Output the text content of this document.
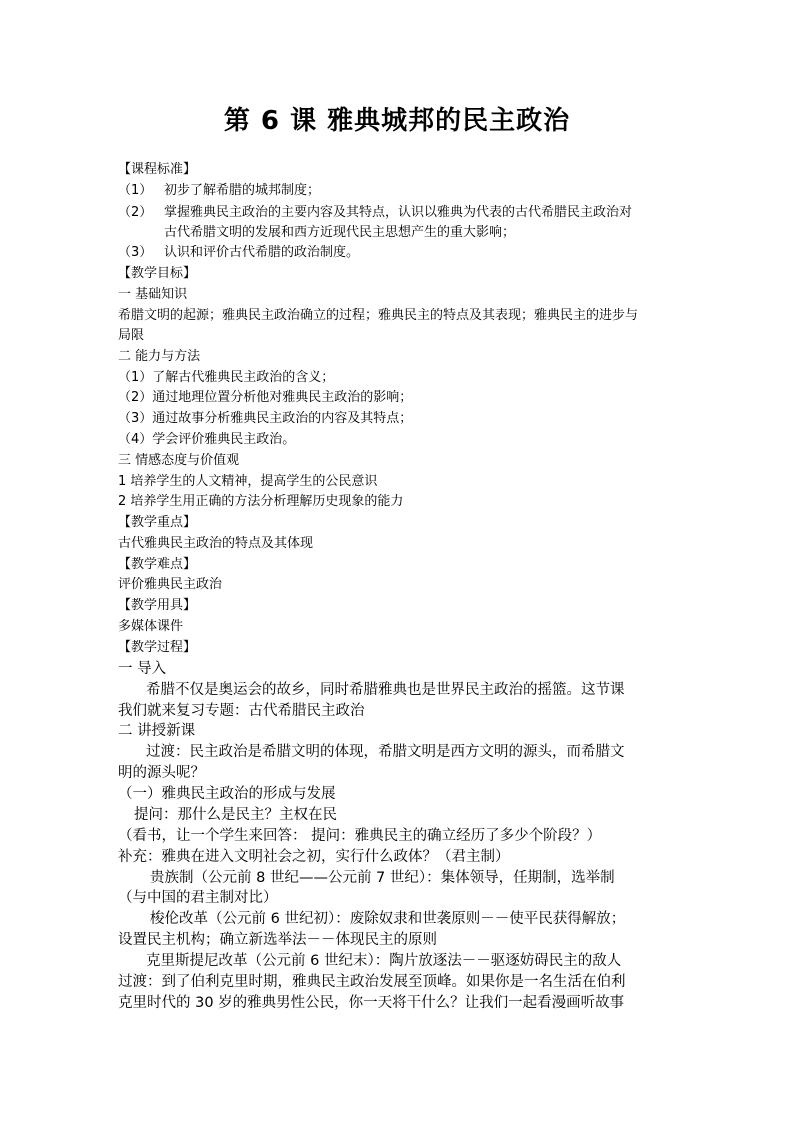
第 6 课 雅典城邦的民主政治
【课程标准】
（1） 初步了解希腊的城邦制度；
（2） 掌握雅典民主政治的主要内容及其特点，认识以雅典为代表的古代希腊民主政治对
古代希腊文明的发展和西方近现代民主思想产生的重大影响；
（3） 认识和评价古代希腊的政治制度。
【教学目标】
一 基础知识
希腊文明的起源；雅典民主政治确立的过程；雅典民主的特点及其表现；雅典民主的进步与
局限
二 能力与方法
（1）了解古代雅典民主政治的含义；
（2）通过地理位置分析他对雅典民主政治的影响；
（3）通过故事分析雅典民主政治的内容及其特点；
（4）学会评价雅典民主政治。
三 情感态度与价值观
1 培养学生的人文精神，提高学生的公民意识
2 培养学生用正确的方法分析理解历史现象的能力
【教学重点】
古代雅典民主政治的特点及其体现
【教学难点】
评价雅典民主政治
【教学用具】
多媒体课件
【教学过程】
一 导入
希腊不仅是奥运会的故乡，同时希腊雅典也是世界民主政治的摇篮。这节课
我们就来复习专题：古代希腊民主政治
二 讲授新课
过渡：民主政治是希腊文明的体现，希腊文明是西方文明的源头，而希腊文
明的源头呢？
（一）雅典民主政治的形成与发展
提问：那什么是民主？主权在民
（看书，让一个学生来回答： 提问：雅典民主的确立经历了多少个阶段？）
补充：雅典在进入文明社会之初，实行什么政体？（君主制）
贵族制（公元前 8 世纪——公元前 7 世纪）：集体领导，任期制，选举制
（与中国的君主制对比）
梭伦改革（公元前 6 世纪初）：废除奴隶和世袭原则－－使平民获得解放；
设置民主机构；确立新选举法－－体现民主的原则
克里斯提尼改革（公元前 6 世纪末）：陶片放逐法－－驱逐妨碍民主的敌人
过渡：到了伯利克里时期，雅典民主政治发展至顶峰。如果你是一名生活在伯利
克里时代的 30 岁的雅典男性公民，你一天将干什么？让我们一起看漫画听故事
